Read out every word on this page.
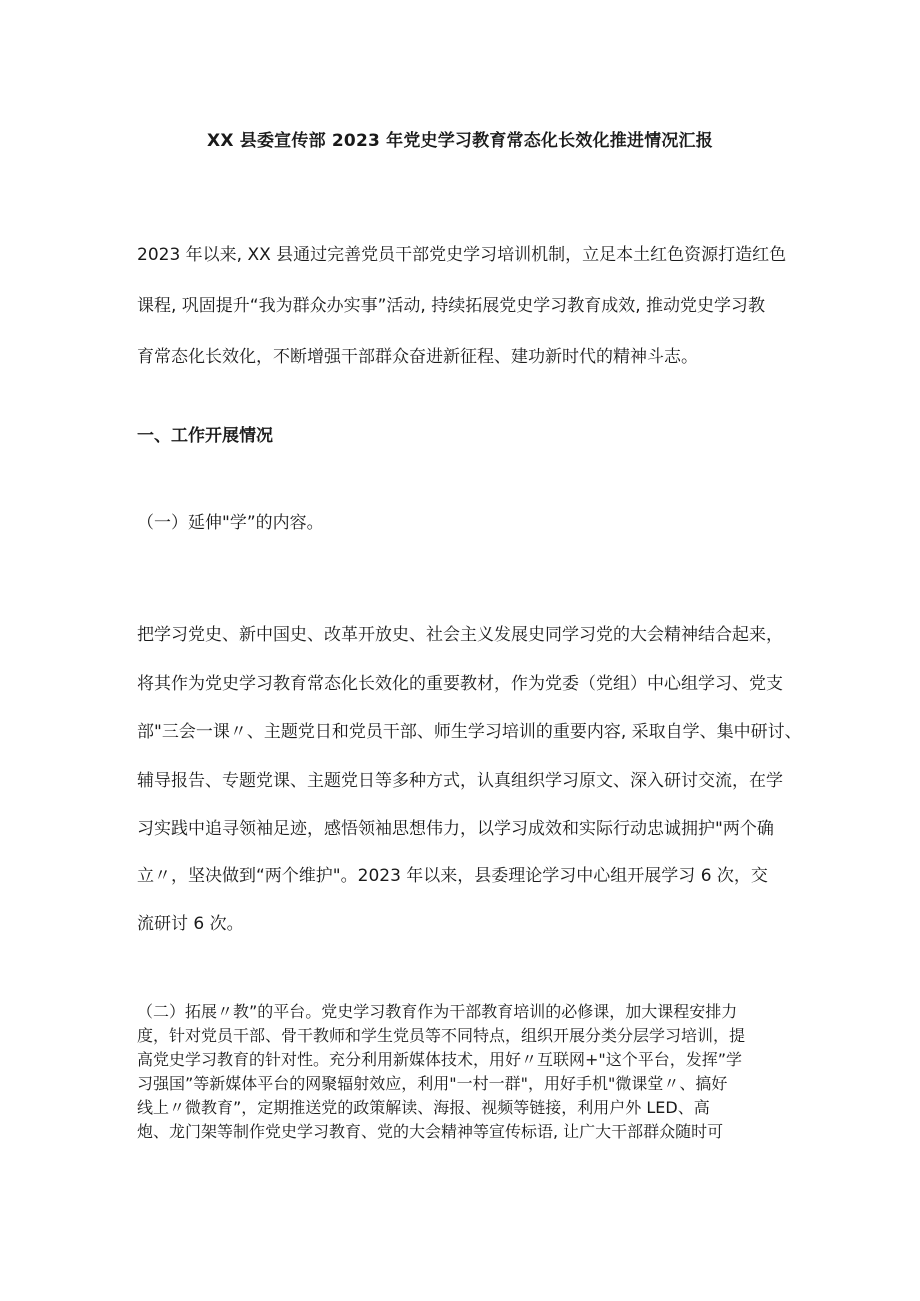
XX 县委宣传部 2023 年党史学习教育常态化长效化推进情况汇报
2023 年以来, XX 县通过完善党员干部党史学习培训机制，立足本土红色资源打造红色
课程, 巩固提升“我为群众办实事”活动, 持续拓展党史学习教育成效, 推动党史学习教
育常态化长效化，不断增强干部群众奋进新征程、建功新时代的精神斗志。
一、工作开展情况
（一）延伸"学”的内容。
把学习党史、新中国史、改革开放史、社会主义发展史同学习党的大会精神结合起来，
将其作为党史学习教育常态化长效化的重要教材，作为党委（党组）中心组学习、党支
部"三会一课〃、主题党日和党员干部、师生学习培训的重要内容, 采取自学、集中研讨、
辅导报告、专题党课、主题党日等多种方式，认真组织学习原文、深入研讨交流，在学
习实践中追寻领袖足迹，感悟领袖思想伟力，以学习成效和实际行动忠诚拥护"两个确
立〃，坚决做到“两个维护"。2023 年以来，县委理论学习中心组开展学习 6 次，交
流研讨 6 次。
（二）拓展〃教”的平台。党史学习教育作为干部教育培训的必修课，加大课程安排力
度，针对党员干部、骨干教师和学生党员等不同特点，组织开展分类分层学习培训，提
高党史学习教育的针对性。充分利用新媒体技术，用好〃互联网+"这个平台，发挥”学
习强国”等新媒体平台的网聚辐射效应，利用"一村一群"，用好手机"微课堂〃、搞好
线上〃微教育”，定期推送党的政策解读、海报、视频等链接，利用户外 LED、高
炮、龙门架等制作党史学习教育、党的大会精神等宣传标语, 让广大干部群众随时可
